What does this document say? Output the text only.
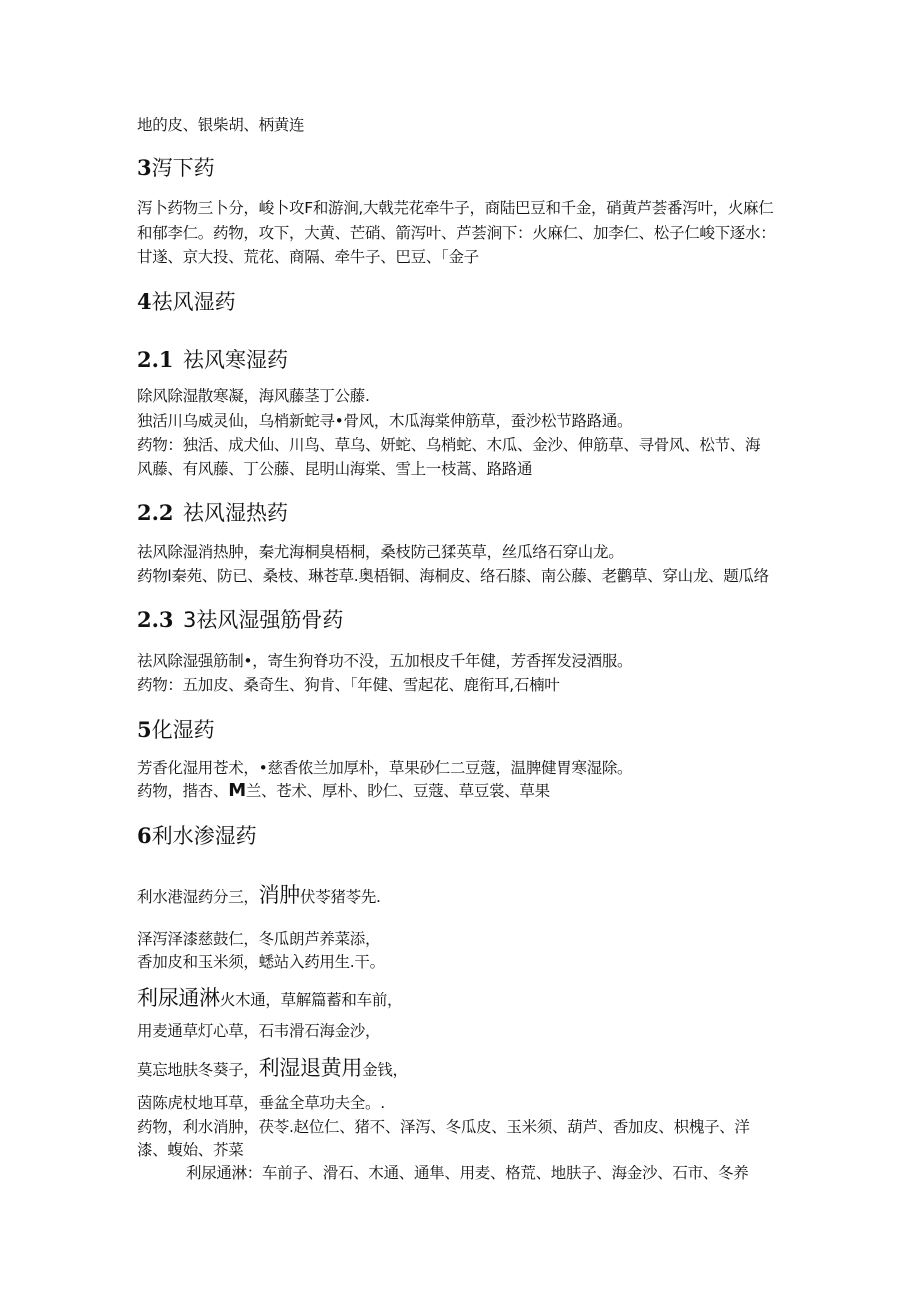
地的皮、银柴胡、柄黄连
3泻下药
泻卜药物三卜分，峻卜攻F和游涧,大戟芫花牵牛子，商陆巴豆和千金，硝黄芦荟番泻叶，火麻仁
和郁李仁。药物，攻下，大黄、芒硝、箭泻叶、芦荟涧下：火麻仁、加李仁、松子仁峻下逐水：
甘遂、京大投、荒花、商隔、牵牛子、巴豆、「金子
4祛风湿药
2.1 祛风寒湿药
除风除湿散寒凝，海风藤茎丁公藤.
独活川乌威灵仙，乌梢新蛇寻•骨风，木瓜海棠伸筋草，蚕沙松节路路通。
药物：独活、成犬仙、川鸟、草乌、妍蛇、乌梢蛇、木瓜、金沙、伸筋草、寻骨风、松节、海
风藤、有风藤、丁公藤、昆明山海棠、雪上一枝蒿、路路通
2.2 祛风湿热药
祛风除湿消热肿，秦尤海桐臭梧桐，桑枝防己猱英草，丝瓜络石穿山龙。
药物l秦苑、防已、桑枝、琳苍草.奥梧铜、海桐皮、络石膝、南公藤、老鹳草、穿山龙、题瓜络
2.3 3祛风湿强筋骨药
祛风除湿强筋制•，寄生狗脊功不没，五加根皮千年健，芳香挥发浸酒服。
药物：五加皮、桑奇生、狗肯、「年健、雪起花、鹿衔耳,石楠叶
5化湿药
芳香化湿用苍术，•慈香侬兰加厚朴，草果砂仁二豆蔻，温脾健胃寒湿除。
药物，揩杏、M兰、苍术、厚朴、眇仁、豆蔻、草豆裳、草果
6利水渗湿药
利水港湿药分三，消肿伏苓猪苓先.
泽泻泽漆慈鼓仁，冬瓜朗芦养菜添，
香加皮和玉米须，蟋站入药用生.干。
利尿通淋火木通，草解篇蓄和车前，
用麦通草灯心草，石韦滑石海金沙，
莫忘地肤冬葵子，利湿退黄用金钱，
茵陈虎杖地耳草，垂盆全草功夫全。.
药物，利水消肿，茯苓.赵位仁、猪不、泽泻、冬瓜皮、玉米须、葫芦、香加皮、枳槐子、洋
漆、蝮始、芥菜
利尿通淋：车前子、滑石、木通、通隼、用麦、格荒、地肤子、海金沙、石市、冬养
